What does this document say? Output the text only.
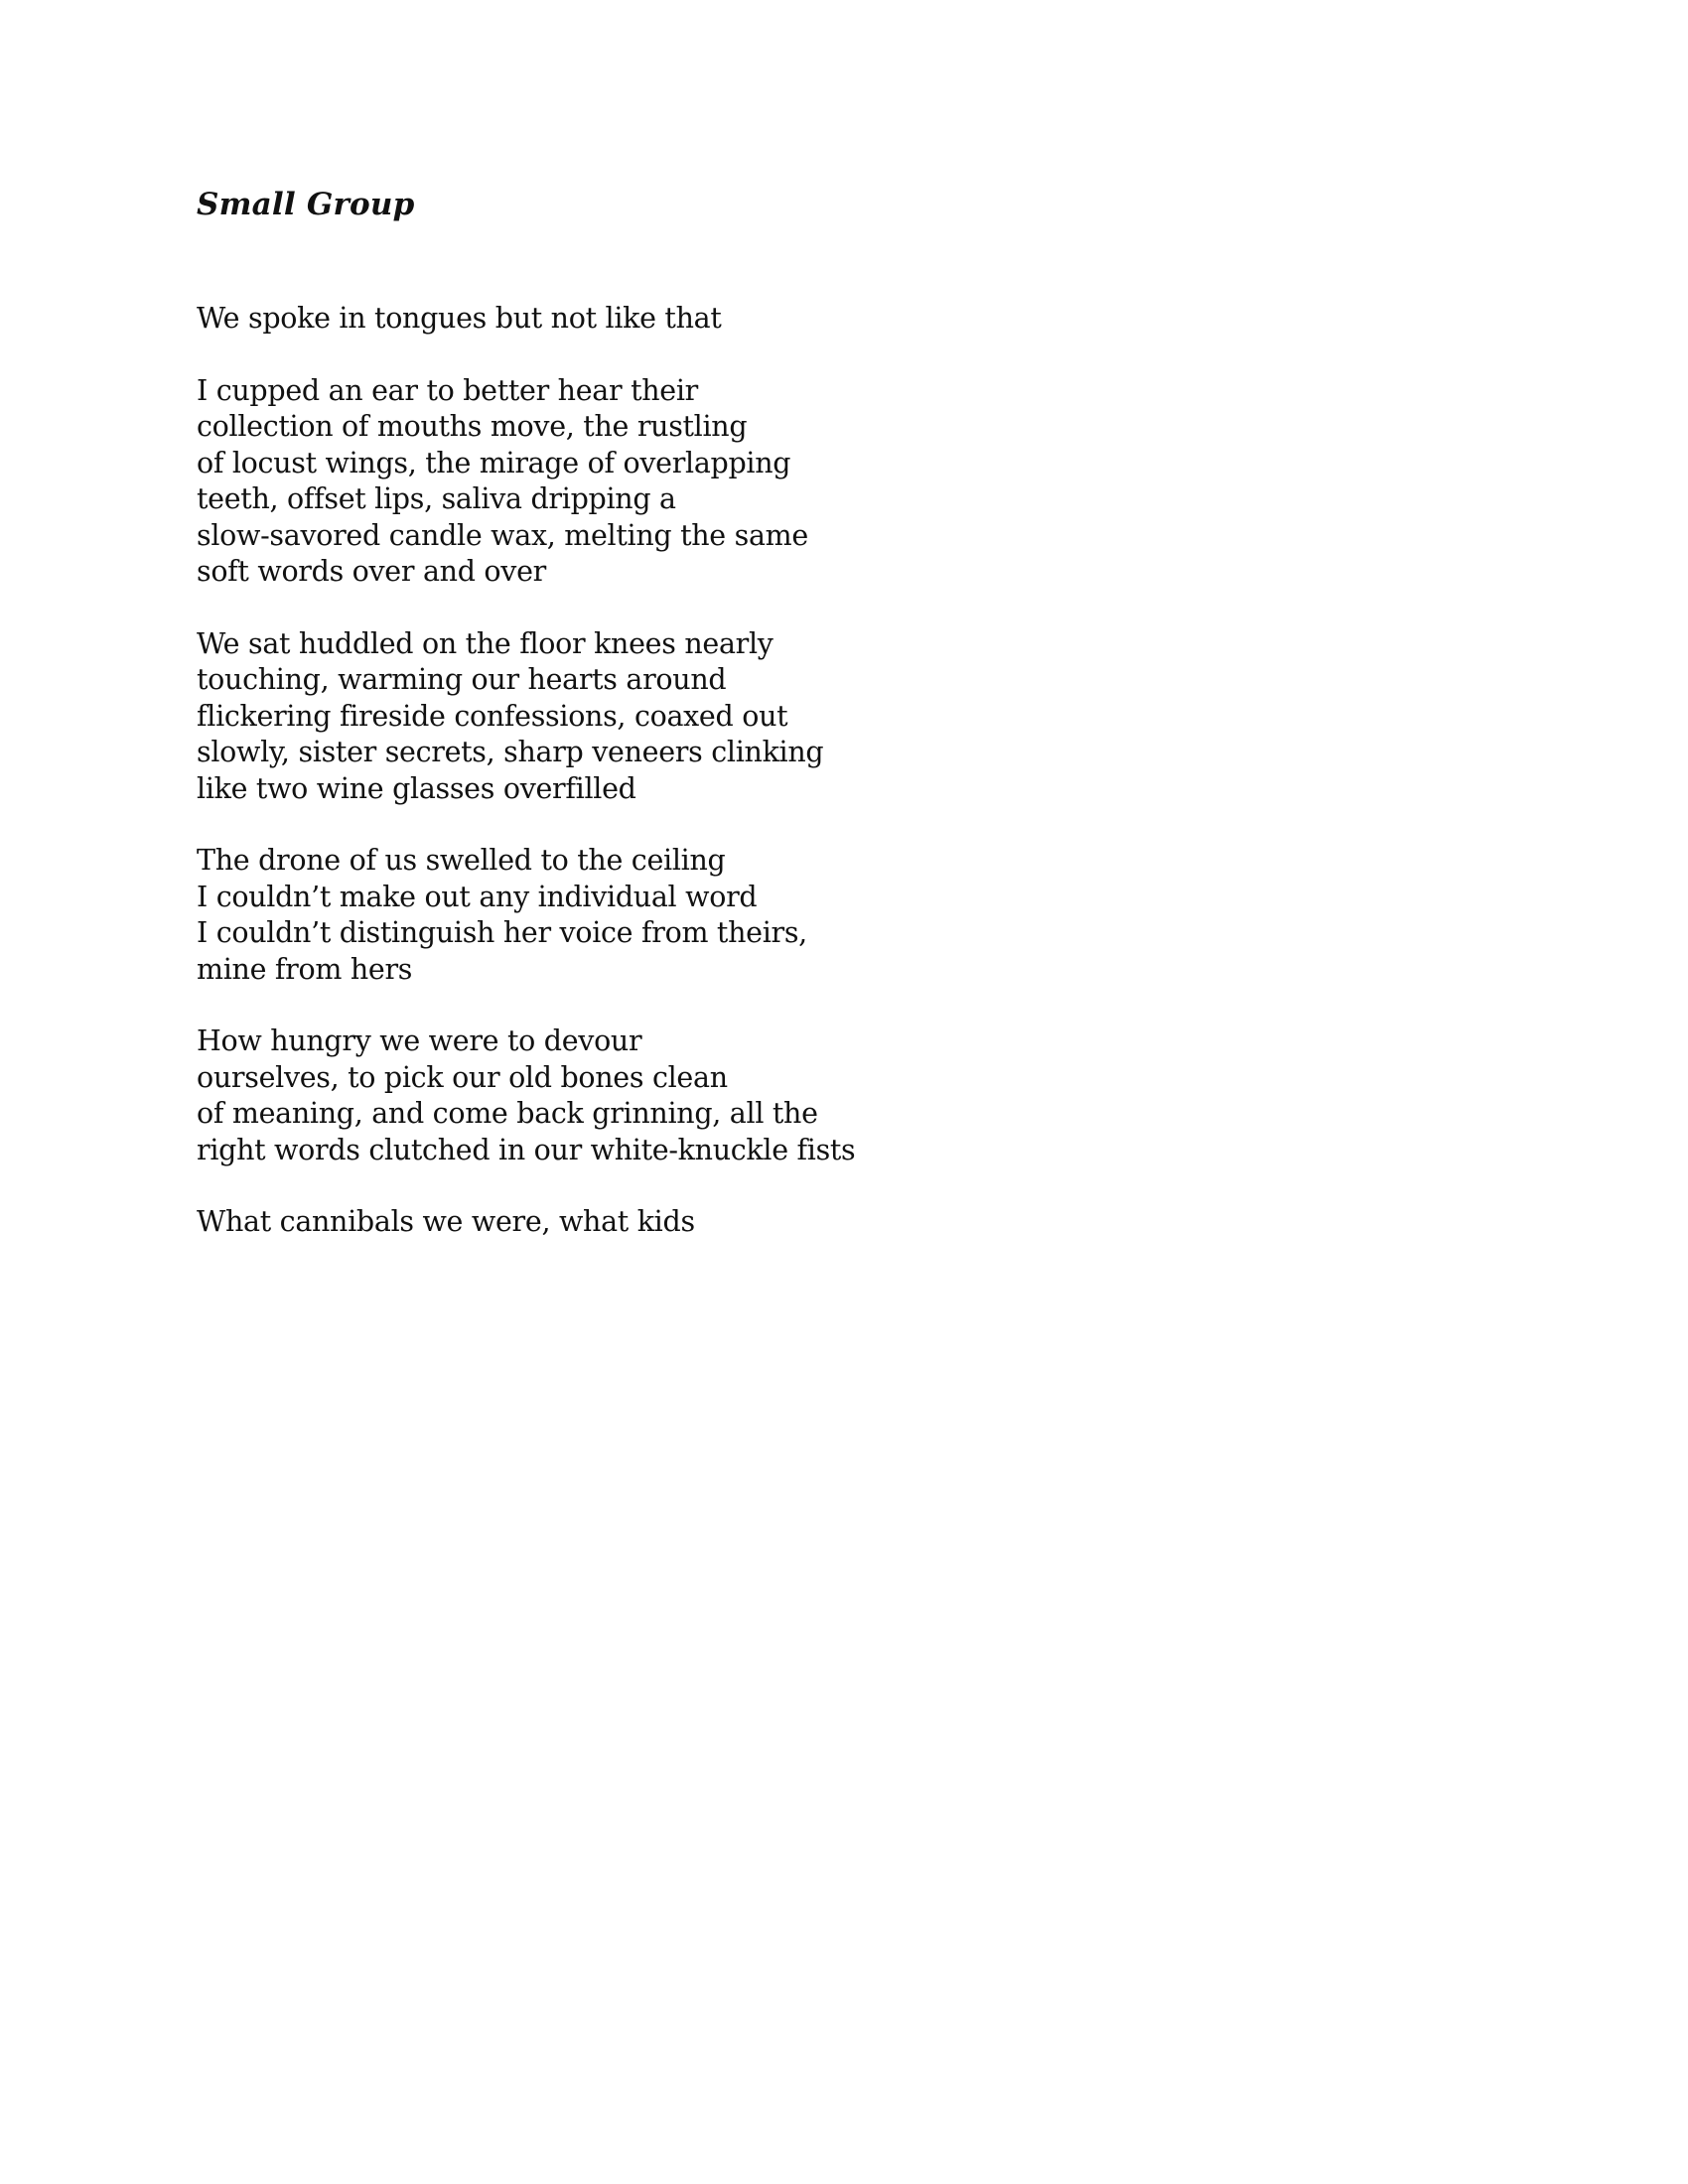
Small Group
We spoke in tongues but not like that
I cupped an ear to better hear their
collection of mouths move, the rustling
of locust wings, the mirage of overlapping
teeth, offset lips, saliva dripping a
slow-savored candle wax, melting the same
soft words over and over
We sat huddled on the floor knees nearly
touching, warming our hearts around
flickering fireside confessions, coaxed out
slowly, sister secrets, sharp veneers clinking
like two wine glasses overfilled
The drone of us swelled to the ceiling
I couldn’t make out any individual word
I couldn’t distinguish her voice from theirs,
mine from hers
How hungry we were to devour
ourselves, to pick our old bones clean
of meaning, and come back grinning, all the
right words clutched in our white-knuckle fists
What cannibals we were, what kids
